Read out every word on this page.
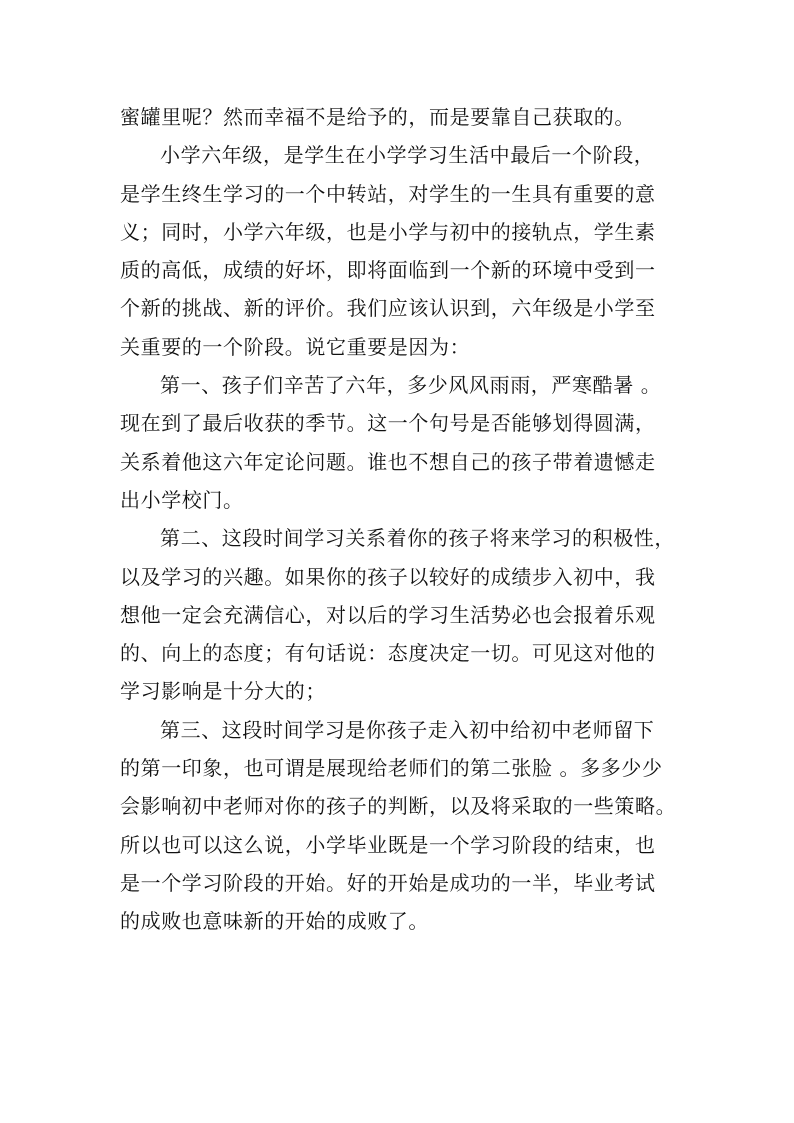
蜜罐里呢？然而幸福不是给予的，而是要靠自己获取的。
小学六年级，是学生在小学学习生活中最后一个阶段，
是学生终生学习的一个中转站，对学生的一生具有重要的意
义；同时，小学六年级，也是小学与初中的接轨点，学生素
质的高低，成绩的好坏，即将面临到一个新的环境中受到一
个新的挑战、新的评价。我们应该认识到，六年级是小学至
关重要的一个阶段。说它重要是因为：
第一、孩子们辛苦了六年，多少风风雨雨，严寒酷暑 。
现在到了最后收获的季节。这一个句号是否能够划得圆满，
关系着他这六年定论问题。谁也不想自己的孩子带着遗憾走
出小学校门。
第二、这段时间学习关系着你的孩子将来学习的积极性，
以及学习的兴趣。如果你的孩子以较好的成绩步入初中，我
想他一定会充满信心，对以后的学习生活势必也会报着乐观
的、向上的态度；有句话说：态度决定一切。可见这对他的
学习影响是十分大的；
第三、这段时间学习是你孩子走入初中给初中老师留下
的第一印象，也可谓是展现给老师们的第二张脸 。多多少少
会影响初中老师对你的孩子的判断，以及将采取的一些策略。
所以也可以这么说，小学毕业既是一个学习阶段的结束，也
是一个学习阶段的开始。好的开始是成功的一半，毕业考试
的成败也意味新的开始的成败了。
